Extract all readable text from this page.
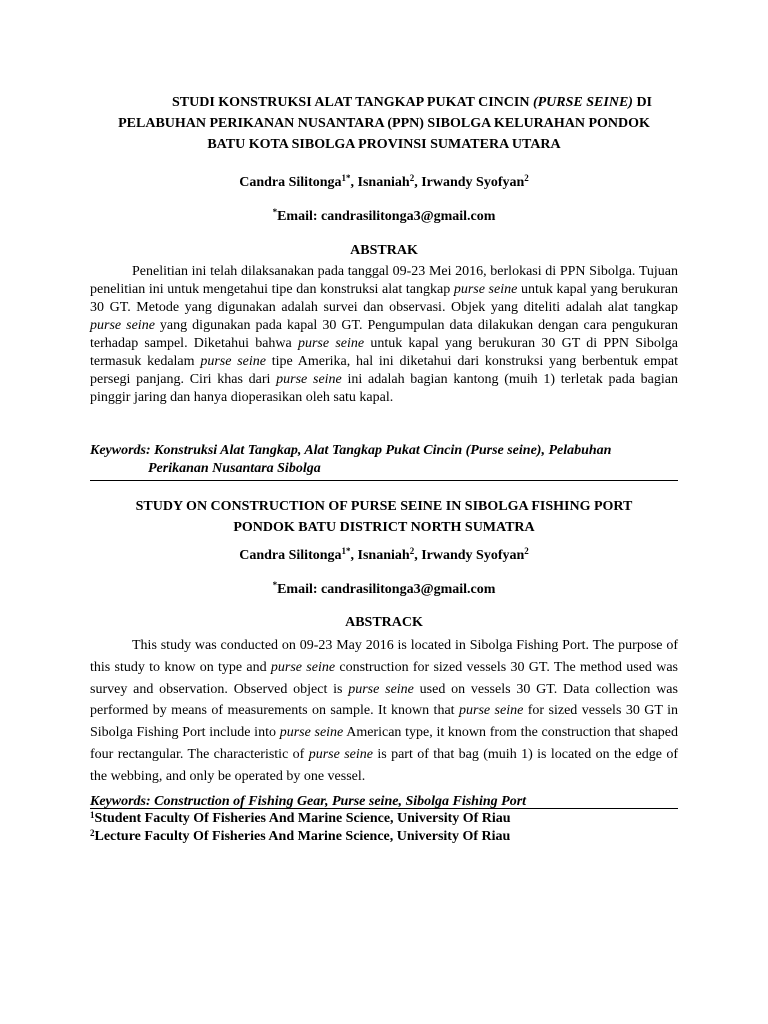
STUDI KONSTRUKSI ALAT TANGKAP PUKAT CINCIN (PURSE SEINE) DI
PELABUHAN PERIKANAN NUSANTARA (PPN) SIBOLGA KELURAHAN PONDOK
BATU KOTA SIBOLGA PROVINSI SUMATERA UTARA
Candra Silitonga$^{1*}$, Isnaniah$^2$, Irwandy Syofyan$^2$
*Email: candrasilitonga3@gmail.com
ABSTRAK
Penelitian ini telah dilaksanakan pada tanggal 09-23 Mei 2016, berlokasi di PPN Sibolga. Tujuan penelitian ini untuk mengetahui tipe dan konstruksi alat tangkap purse seine untuk kapal yang berukuran 30 GT. Metode yang digunakan adalah survei dan observasi. Objek yang diteliti adalah alat tangkap purse seine yang digunakan pada kapal 30 GT. Pengumpulan data dilakukan dengan cara pengukuran terhadap sampel. Diketahui bahwa purse seine untuk kapal yang berukuran 30 GT di PPN Sibolga termasuk kedalam purse seine tipe Amerika, hal ini diketahui dari konstruksi yang berbentuk empat persegi panjang. Ciri khas dari purse seine ini adalah bagian kantong (muih 1) terletak pada bagian pinggir jaring dan hanya dioperasikan oleh satu kapal.
Keywords: Konstruksi Alat Tangkap, Alat Tangkap Pukat Cincin (Purse seine), Pelabuhan
Perikanan Nusantara Sibolga
STUDY ON CONSTRUCTION OF PURSE SEINE IN SIBOLGA FISHING PORT
PONDOK BATU DISTRICT NORTH SUMATRA
Candra Silitonga$^{1*}$, Isnaniah$^2$, Irwandy Syofyan$^2$
*Email: candrasilitonga3@gmail.com
ABSTRACK
This study was conducted on 09-23 May 2016 is located in Sibolga Fishing Port. The purpose of this study to know on type and purse seine construction for sized vessels 30 GT. The method used was survey and observation. Observed object is purse seine used on vessels 30 GT. Data collection was performed by means of measurements on sample. It known that purse seine for sized vessels 30 GT in Sibolga Fishing Port include into purse seine American type, it known from the construction that shaped four rectangular. The characteristic of purse seine is part of that bag (muih 1) is located on the edge of the webbing, and only be operated by one vessel.
Keywords: Construction of Fishing Gear, Purse seine, Sibolga Fishing Port
$^1$Student Faculty Of Fisheries And Marine Science, University Of Riau
$^2$Lecture Faculty Of Fisheries And Marine Science, University Of Riau
